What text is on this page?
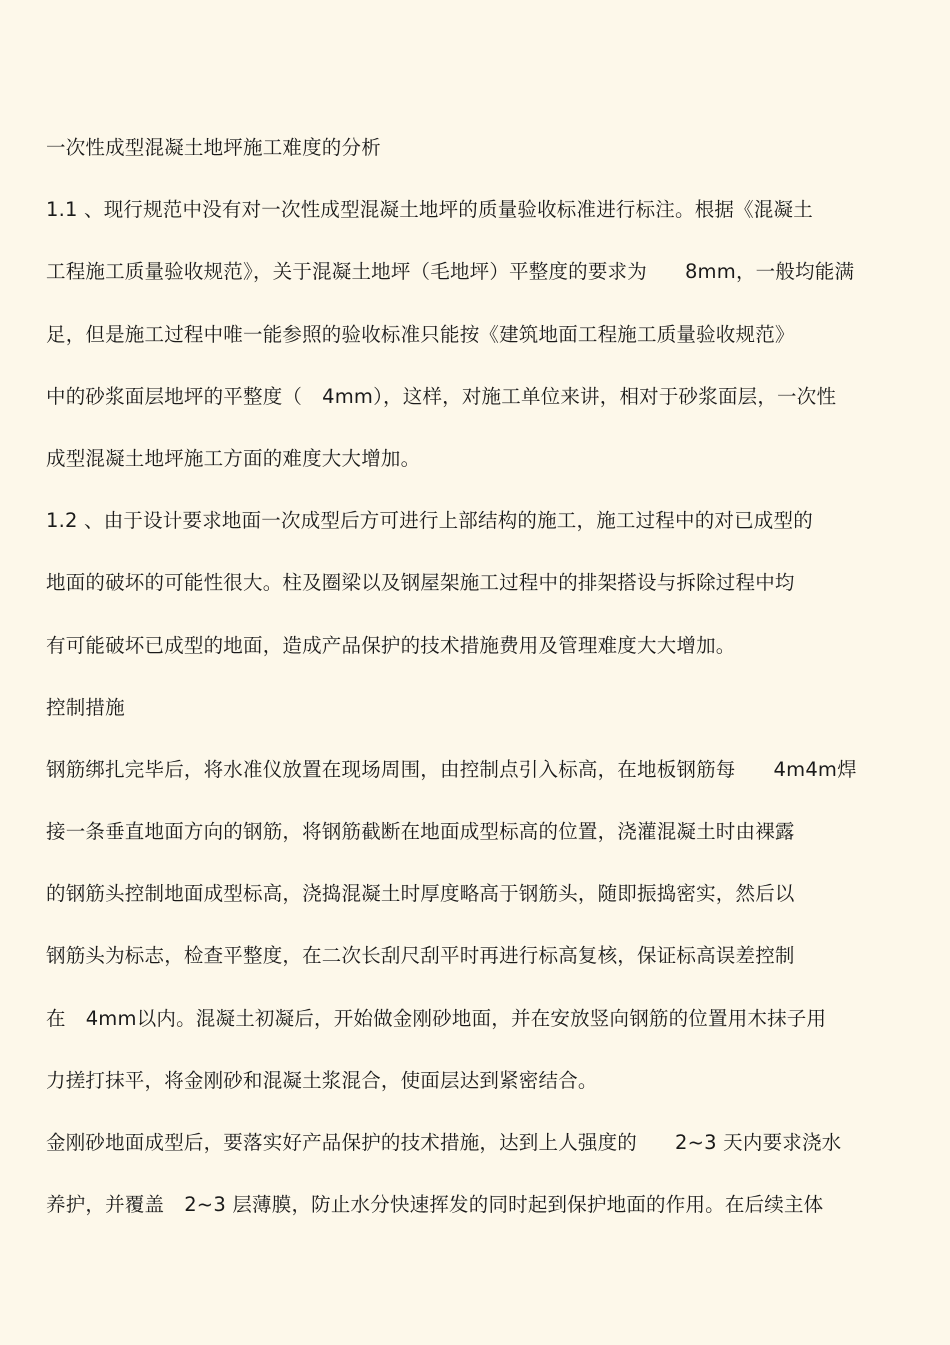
一次性成型混凝土地坪施工难度的分析
1.1 、现行规范中没有对一次性成型混凝土地坪的质量验收标准进行标注。根据《混凝土
工程施工质量验收规范》，关于混凝土地坪（毛地坪）平整度的要求为 8mm，一般均能满
足，但是施工过程中唯一能参照的验收标准只能按《建筑地面工程施工质量验收规范》
中的砂浆面层地坪的平整度（ 4mm），这样，对施工单位来讲，相对于砂浆面层，一次性
成型混凝土地坪施工方面的难度大大增加。
1.2 、由于设计要求地面一次成型后方可进行上部结构的施工，施工过程中的对已成型的
地面的破坏的可能性很大。柱及圈梁以及钢屋架施工过程中的排架搭设与拆除过程中均
有可能破坏已成型的地面，造成产品保护的技术措施费用及管理难度大大增加。
控制措施
钢筋绑扎完毕后，将水准仪放置在现场周围，由控制点引入标高，在地板钢筋每 4m4m焊
接一条垂直地面方向的钢筋，将钢筋截断在地面成型标高的位置，浇灌混凝土时由裸露
的钢筋头控制地面成型标高，浇捣混凝土时厚度略高于钢筋头，随即振捣密实，然后以
钢筋头为标志，检查平整度，在二次长刮尺刮平时再进行标高复核，保证标高误差控制
在 4mm以内。混凝土初凝后，开始做金刚砂地面，并在安放竖向钢筋的位置用木抹子用
力搓打抹平，将金刚砂和混凝土浆混合，使面层达到紧密结合。
金刚砂地面成型后，要落实好产品保护的技术措施，达到上人强度的 2~3 天内要求浇水
养护，并覆盖 2~3 层薄膜，防止水分快速挥发的同时起到保护地面的作用。在后续主体
